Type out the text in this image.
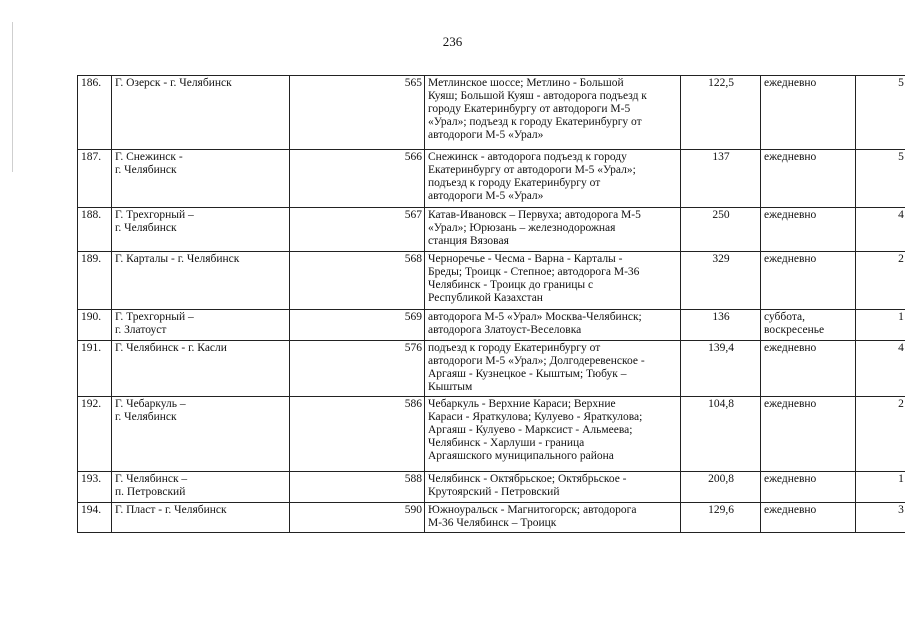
236
186.	Г. Озерск - г. Челябинск	565	Метлинское шоссе; Метлино - Большой
Куяш; Большой Куяш - автодорога подъезд к
городу Екатеринбургу от автодороги М-5
«Урал»; подъезд к городу Екатеринбургу от
автодороги М-5 «Урал»	122,5	ежедневно	5
187.	Г. Снежинск -
г. Челябинск	566	Снежинск - автодорога подъезд к городу
Екатеринбургу от автодороги М-5 «Урал»;
подъезд к городу Екатеринбургу от
автодороги М-5 «Урал»	137	ежедневно	5
188.	Г. Трехгорный –
г. Челябинск	567	Катав-Ивановск – Первуха; автодорога М-5
«Урал»; Юрюзань – железнодорожная
станция Вязовая	250	ежедневно	4
189.	Г. Карталы - г. Челябинск	568	Черноречье - Чесма - Варна - Карталы -
Бреды; Троицк - Степное; автодорога М-36
Челябинск - Троицк до границы с
Республикой Казахстан	329	ежедневно	2
190.	Г. Трехгорный –
г. Златоуст	569	автодорога М-5 «Урал» Москва-Челябинск;
автодорога Златоуст-Веселовка	136	суббота,
воскресенье	1
191.	Г. Челябинск - г. Касли	576	подъезд к городу Екатеринбургу от
автодороги М-5 «Урал»; Долгодеревенское -
Аргаяш - Кузнецкое - Кыштым; Тюбук –
Кыштым	139,4	ежедневно	4
192.	Г. Чебаркуль –
г. Челябинск	586	Чебаркуль - Верхние Караси; Верхние
Караси - Яраткулова; Кулуево - Яраткулова;
Аргаяш - Кулуево - Марксист - Альмеева;
Челябинск - Харлуши - граница
Аргаяшского муниципального района	104,8	ежедневно	2
193.	Г. Челябинск –
п. Петровский	588	Челябинск - Октябрьское; Октябрьское -
Крутоярский - Петровский	200,8	ежедневно	1
194.	Г. Пласт - г. Челябинск	590	Южноуральск - Магнитогорск; автодорога
М-36 Челябинск – Троицк	129,6	ежедневно	3
